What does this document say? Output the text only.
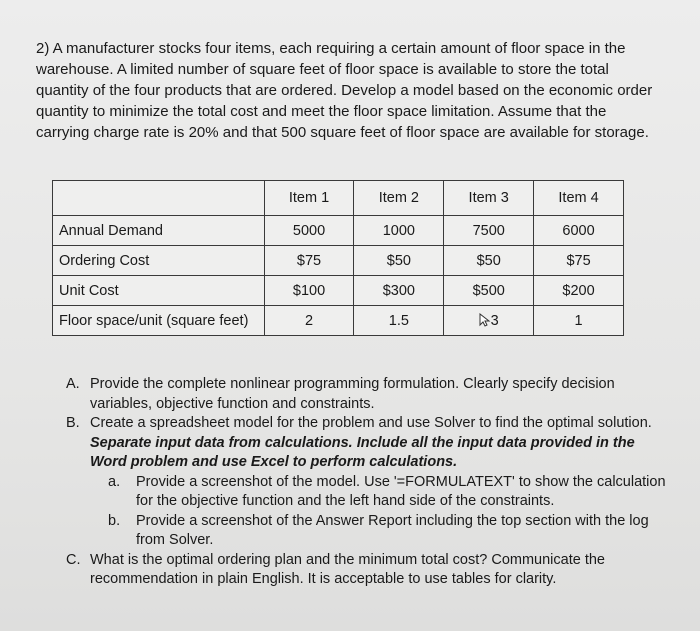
2) A manufacturer stocks four items, each requiring a certain amount of floor space in the warehouse. A limited number of square feet of floor space is available to store the total quantity of the four products that are ordered. Develop a model based on the economic order quantity to minimize the total cost and meet the floor space limitation. Assume that the carrying charge rate is 20% and that 500 square feet of floor space are available for storage.
	Item 1	Item 2	Item 3	Item 4
Annual Demand	5000	1000	7500	6000
Ordering Cost	$75	$50	$50	$75
Unit Cost	$100	$300	$500	$200
Floor space/unit (square feet)	2	1.5	3	1
A. Provide the complete nonlinear programming formulation. Clearly specify decision variables, objective function and constraints.
B. Create a spreadsheet model for the problem and use Solver to find the optimal solution. Separate input data from calculations. Include all the input data provided in the Word problem and use Excel to perform calculations.
a.	Provide a screenshot of the model. Use '=FORMULATEXT' to show the calculation for the objective function and the left hand side of the constraints.
b.	Provide a screenshot of the Answer Report including the top section with the log from Solver.
C. What is the optimal ordering plan and the minimum total cost? Communicate the recommendation in plain English. It is acceptable to use tables for clarity.
